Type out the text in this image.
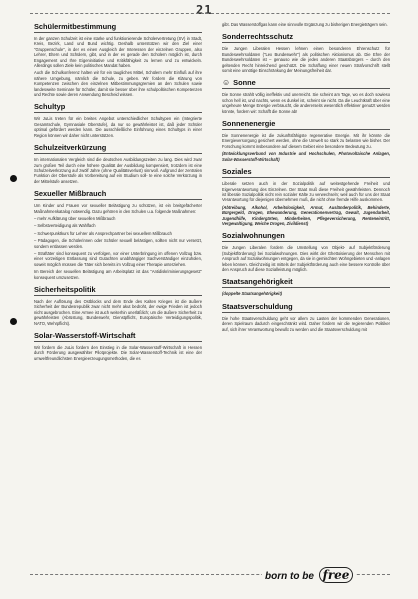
21
Schülermitbestimmung

In der ganzen Schulzeit ist eine starke und funktionierende Schülervertretung (SV) in Stadt, Kreis, Bezirk, Land und Bund wichtig. Deshalb unterstützen wir den Ziel einer "Gruppenschule", in der es einen Ausgleich der Interessen der einzelnen Gruppen, also Lehrer, Eltern und Schülern, gibt, und in der es gerade den Schülern möglich ist, durch Engagement und Ihre Eigeninitiative und Kritikfähigkeit zu lernen und zu entwickeln. Allerdings sollen Ziele kein politisches Mandat haben.

Auch die Schulkonferenz halten wir für ein taugliches Mittel, Schülern mehr Einfluß auf ihre nähere Umgebung, nämlich die Schule, zu geben. Wir fordern die Klärung von Kompetenzen zwischen den einzelnen Mitbestimmungsgremien an den Schulen sowie landesweite Seminare für Schüler, damit sie besser über ihre schulpolitischen Kompetenzen und Rechte sowie deren Anwendung Bescheid wissen.

Schultyp

Wir JuLis treten für ein breites Angebot unterschiedlicher Schultypen ein (Integrierte Gesamtschule, Gymnasiale Oberstufe), da nur so gewährleistet ist, daß jeder Schüler optimal gefördert werden kann. Die ausschließliche Einführung eines Schultyps in einer Region können wir daher nicht unterstützen.

Schulzeitverkürzung

Im internationalen Vergleich sind die deutschen Ausbildungszeiten zu lang. Dies wird zwar zum großen Teil durch eine höhere Qualität der Ausbildung kompensiert, trotzdem ist eine Schulzeitverkürzung auf zwölf Jahre (ohne Qualitätsverlust) sinnvoll. Aufgrund der zentralen Funktion der Oberstufe als Vorbereitung auf ein Studium soll- te eine solche Verkürzung in der Mittelstufe ansetzen.

Sexueller Mißbrauch

Um Kinder und Frauen vor sexueller Belästigung zu schützen, ist ein breitgefächerter Maßnahmenkatalog notwendig. Dazu gehören in den Schulen u.a. folgende Maßnahmen:

– mehr Aufklärung über sexuellen Mißbrauch

– Selbstverteidigung als Wahlfach

– Schwerpunktkurs für Lehrer als Ansprechpartner bei sexuellem Mißbrauch

– Pädagogen, die Schülerinnen oder Schüler sexuell belästigen, sollten nicht nur versetzt, sondern entlassen werden.

– Straftäter sind konsequent zu verfolgen, vor einer Unterbringung im offenen Vollzug bzw. einer vorzeitigen Entlassung sind Gutachten unabhängiger Sachverständiger einzuholen, soweit möglich müssen die Täter sich bereits im Vollzug einer Therapie unterziehen.

Im Bereich der sexuellen Belästigung am Arbeitsplatz ist das "Antidiskriminierungsgesetz" konsequent umzusetzen.

Sicherheitspolitik

Nach der Auflösung des Ostblocks und dem Ende des Kalten Krieges ist die äußere Sicherheit der Bundesrepublik zwar nicht mehr akut bedroht, der ewige Frieden ist jedoch nicht ausgebrochen. Eine Armee ist auch weiterhin unerläßlich; um die äußere Sicherheit zu gewährleisten (Abrüstung, Bundeswehr, Dienstpflicht, Europäische Verteidigungspolitik, NATO, Wehrpflicht).

Solar-Wasserstoff-Wirtschaft

Wir fordern die JuLis fordern den Einstieg in die Solar-Wasserstoff-Wirtschaft in Hessen durch Förderung ausgewählter Pilotprojekte. Die Solar-Wasserstoff-Technik ist eine der umweltfreundlichsten Energieerzeugungsmethoden, die es

gibt. Das Wasserstoffgas kann eine sinnvolle Ergänzung zu bisherigen Energieträgern sein.

Sonderrechtsschutz

Die Jungen Liberalen Hessen lehnen einen besonderen Ehrenschutz für Bundeswehrsoldaten ("Lex Bundeswehr") als politischen Aktionismus ab. Die Ehre der Bundeswehrsoldaten ist – genauso wie die jedes anderen Staatsbürgers – durch den geltenden Recht hinreichend geschützt. Die Schaffung einer neuen Strafvorschrift stellt somit eine unnötige Einschränkung der Meinungsfreiheit dar.

☺ Sonne

Die Sonne strahlt völlig ineffektiv und unerreicht. Sie scheint am Tage, wo es doch sowieso schon hell ist, und nachts, wenn es dunkel ist, scheint sie nicht. Da die Leuchtkraft über eine ungeheure Menge Energie verbraucht, die andererseits wesentlich effektiver genutzt werden könnte, fordern wir: Schafft die Sonne ab!

Sonnenenergie

Die Sonnenenergie ist die zukunftsfähigste regenerative Energie. Mit ihr könnte die Energieversorgung gesichert werden, ohne die Umwelt so stark zu belasten wie bisher. Der Forschung kommt insbesondere auf diesem Gebiet eine besondere Bedeutung zu.

(Entwicklungsverbund von Industrie und Hochschulen, Photovoltaische Anlagen, Solar-Wasserstoff-Wirtschaft)

Soziales

Liberale setzen auch in der Sozialpolitik auf weitestgehende Freiheit und Eigenverantwortung des Einzelnen. Der Staat muß diese Freiheit gewährleisten. Dennoch ist liberale Sozialpolitik nicht rein sozialer Kälte zu verwechseln; weil auch für uns der Staat Verantwortung für diejenigen übernehmen muß, die nicht ohne fremde Hilfe auskommen.

(Abtreibung, Alkohol, Arbeitslosigkeit, Armut, Ausländerpolitik, Behinderte, Bürgergeld, Drogen, Ehewanderung, Generationenvertrag, Gewalt, Jugendarbeit, Jugendhilfe, Kindergärten, Minderheiten, Pflegeversicherung, Renteneintritt, Vergewaltigung, Weiche Drogen, Zivildienst)

Sozialwohnungen

Die Jungen Liberalen fordern die Umstellung von Objekt- auf Subjektförderung (Subjektförderung) bei Sozialwohnungen. Dies wirkt der Ghettoisierung der Menschen mit Anspruch auf Sozialwohnungen entgegen, da sie in gemischten Wohngebieten und -anlagen leben können. Gleichzeitig ist mittels der Subjektförderung auch eine bessere Kontrolle über den Anspruch auf diese Sozialleistung möglich.

Staatsangehörigkeit

(doppelte Staatsangehörigkeit)

Staatsverschuldung

Die hohe Staatsverschuldung geht vor allem zu Lasten der kommenden Generationen, deren Spielraum dadurch eingeschränkt wird. Daher fordern wir die regierenden Politiker auf, sich ihrer Verantwortung bewußt zu werden und die Staatsverschuldung mit

born to be free
